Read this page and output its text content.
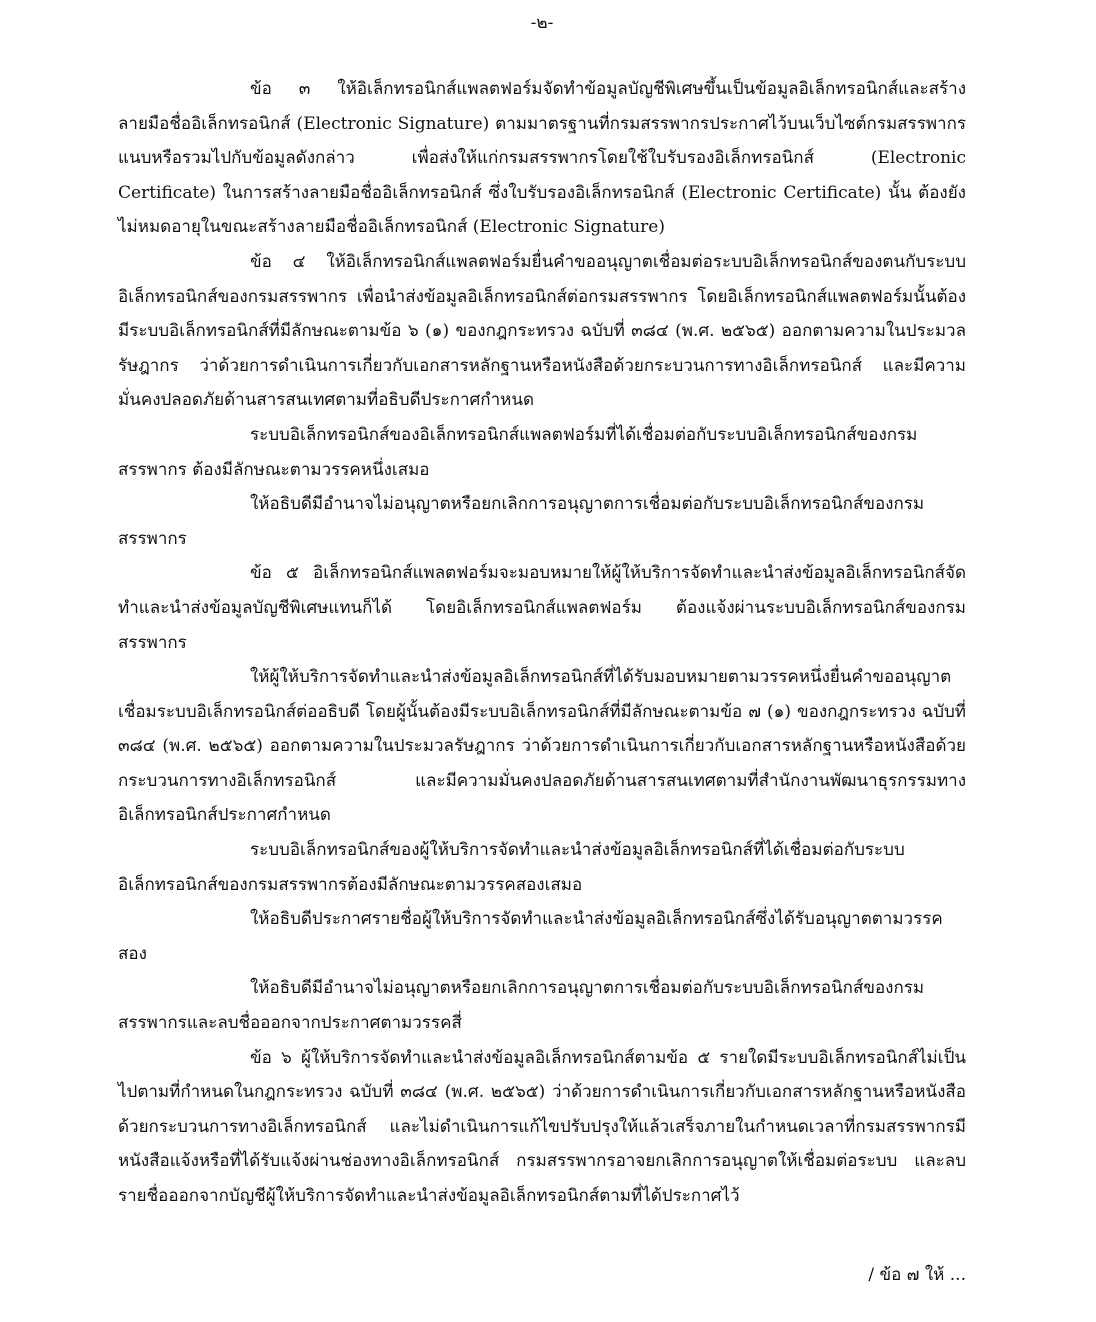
-๒-

ข้อ ๓ ให้อิเล็กทรอนิกส์แพลตฟอร์มจัดทำข้อมูลบัญชีพิเศษขึ้นเป็นข้อมูลอิเล็กทรอนิกส์และสร้างลายมือชื่ออิเล็กทรอนิกส์ (Electronic Signature) ตามมาตรฐานที่กรมสรรพากรประกาศไว้บนเว็บไซต์กรมสรรพากร แนบหรือรวมไปกับข้อมูลดังกล่าว เพื่อส่งให้แก่กรมสรรพากรโดยใช้ใบรับรองอิเล็กทรอนิกส์ (Electronic Certificate) ในการสร้างลายมือชื่ออิเล็กทรอนิกส์ ซึ่งใบรับรองอิเล็กทรอนิกส์ (Electronic Certificate) นั้น ต้องยังไม่หมดอายุในขณะสร้างลายมือชื่ออิเล็กทรอนิกส์ (Electronic Signature)

ข้อ ๔ ให้อิเล็กทรอนิกส์แพลตฟอร์มยื่นคำขออนุญาตเชื่อมต่อระบบอิเล็กทรอนิกส์ของตนกับระบบอิเล็กทรอนิกส์ของกรมสรรพากร เพื่อนำส่งข้อมูลอิเล็กทรอนิกส์ต่อกรมสรรพากร โดยอิเล็กทรอนิกส์แพลตฟอร์มนั้นต้องมีระบบอิเล็กทรอนิกส์ที่มีลักษณะตามข้อ ๖ (๑) ของกฎกระทรวง ฉบับที่ ๓๘๔ (พ.ศ. ๒๕๖๕) ออกตามความในประมวลรัษฎากร ว่าด้วยการดำเนินการเกี่ยวกับเอกสารหลักฐานหรือหนังสือด้วยกระบวนการทางอิเล็กทรอนิกส์ และมีความมั่นคงปลอดภัยด้านสารสนเทศตามที่อธิบดีประกาศกำหนด

ระบบอิเล็กทรอนิกส์ของอิเล็กทรอนิกส์แพลตฟอร์มที่ได้เชื่อมต่อกับระบบอิเล็กทรอนิกส์ของกรมสรรพากร ต้องมีลักษณะตามวรรคหนึ่งเสมอ

ให้อธิบดีมีอำนาจไม่อนุญาตหรือยกเลิกการอนุญาตการเชื่อมต่อกับระบบอิเล็กทรอนิกส์ของกรมสรรพากร

ข้อ ๕ อิเล็กทรอนิกส์แพลตฟอร์มจะมอบหมายให้ผู้ให้บริการจัดทำและนำส่งข้อมูลอิเล็กทรอนิกส์จัดทำและนำส่งข้อมูลบัญชีพิเศษแทนก็ได้ โดยอิเล็กทรอนิกส์แพลตฟอร์ม ต้องแจ้งผ่านระบบอิเล็กทรอนิกส์ของกรมสรรพากร

ให้ผู้ให้บริการจัดทำและนำส่งข้อมูลอิเล็กทรอนิกส์ที่ได้รับมอบหมายตามวรรคหนึ่งยื่นคำขออนุญาตเชื่อมระบบอิเล็กทรอนิกส์ต่ออธิบดี โดยผู้นั้นต้องมีระบบอิเล็กทรอนิกส์ที่มีลักษณะตามข้อ ๗ (๑) ของกฎกระทรวง ฉบับที่ ๓๘๔ (พ.ศ. ๒๕๖๕) ออกตามความในประมวลรัษฎากร ว่าด้วยการดำเนินการเกี่ยวกับเอกสารหลักฐานหรือหนังสือด้วยกระบวนการทางอิเล็กทรอนิกส์ และมีความมั่นคงปลอดภัยด้านสารสนเทศตามที่สำนักงานพัฒนาธุรกรรมทางอิเล็กทรอนิกส์ประกาศกำหนด

ระบบอิเล็กทรอนิกส์ของผู้ให้บริการจัดทำและนำส่งข้อมูลอิเล็กทรอนิกส์ที่ได้เชื่อมต่อกับระบบอิเล็กทรอนิกส์ของกรมสรรพากรต้องมีลักษณะตามวรรคสองเสมอ

ให้อธิบดีประกาศรายชื่อผู้ให้บริการจัดทำและนำส่งข้อมูลอิเล็กทรอนิกส์ซึ่งได้รับอนุญาตตามวรรคสอง

ให้อธิบดีมีอำนาจไม่อนุญาตหรือยกเลิกการอนุญาตการเชื่อมต่อกับระบบอิเล็กทรอนิกส์ของกรมสรรพากรและลบชื่อออกจากประกาศตามวรรคสี่

ข้อ ๖ ผู้ให้บริการจัดทำและนำส่งข้อมูลอิเล็กทรอนิกส์ตามข้อ ๕ รายใดมีระบบอิเล็กทรอนิกส์ไม่เป็นไปตามที่กำหนดในกฎกระทรวง ฉบับที่ ๓๘๔ (พ.ศ. ๒๕๖๕) ว่าด้วยการดำเนินการเกี่ยวกับเอกสารหลักฐานหรือหนังสือด้วยกระบวนการทางอิเล็กทรอนิกส์ และไม่ดำเนินการแก้ไขปรับปรุงให้แล้วเสร็จภายในกำหนดเวลาที่กรมสรรพากรมีหนังสือแจ้งหรือที่ได้รับแจ้งผ่านช่องทางอิเล็กทรอนิกส์ กรมสรรพากรอาจยกเลิกการอนุญาตให้เชื่อมต่อระบบ และลบรายชื่อออกจากบัญชีผู้ให้บริการจัดทำและนำส่งข้อมูลอิเล็กทรอนิกส์ตามที่ได้ประกาศไว้

/ ข้อ ๗ ให้ ...
